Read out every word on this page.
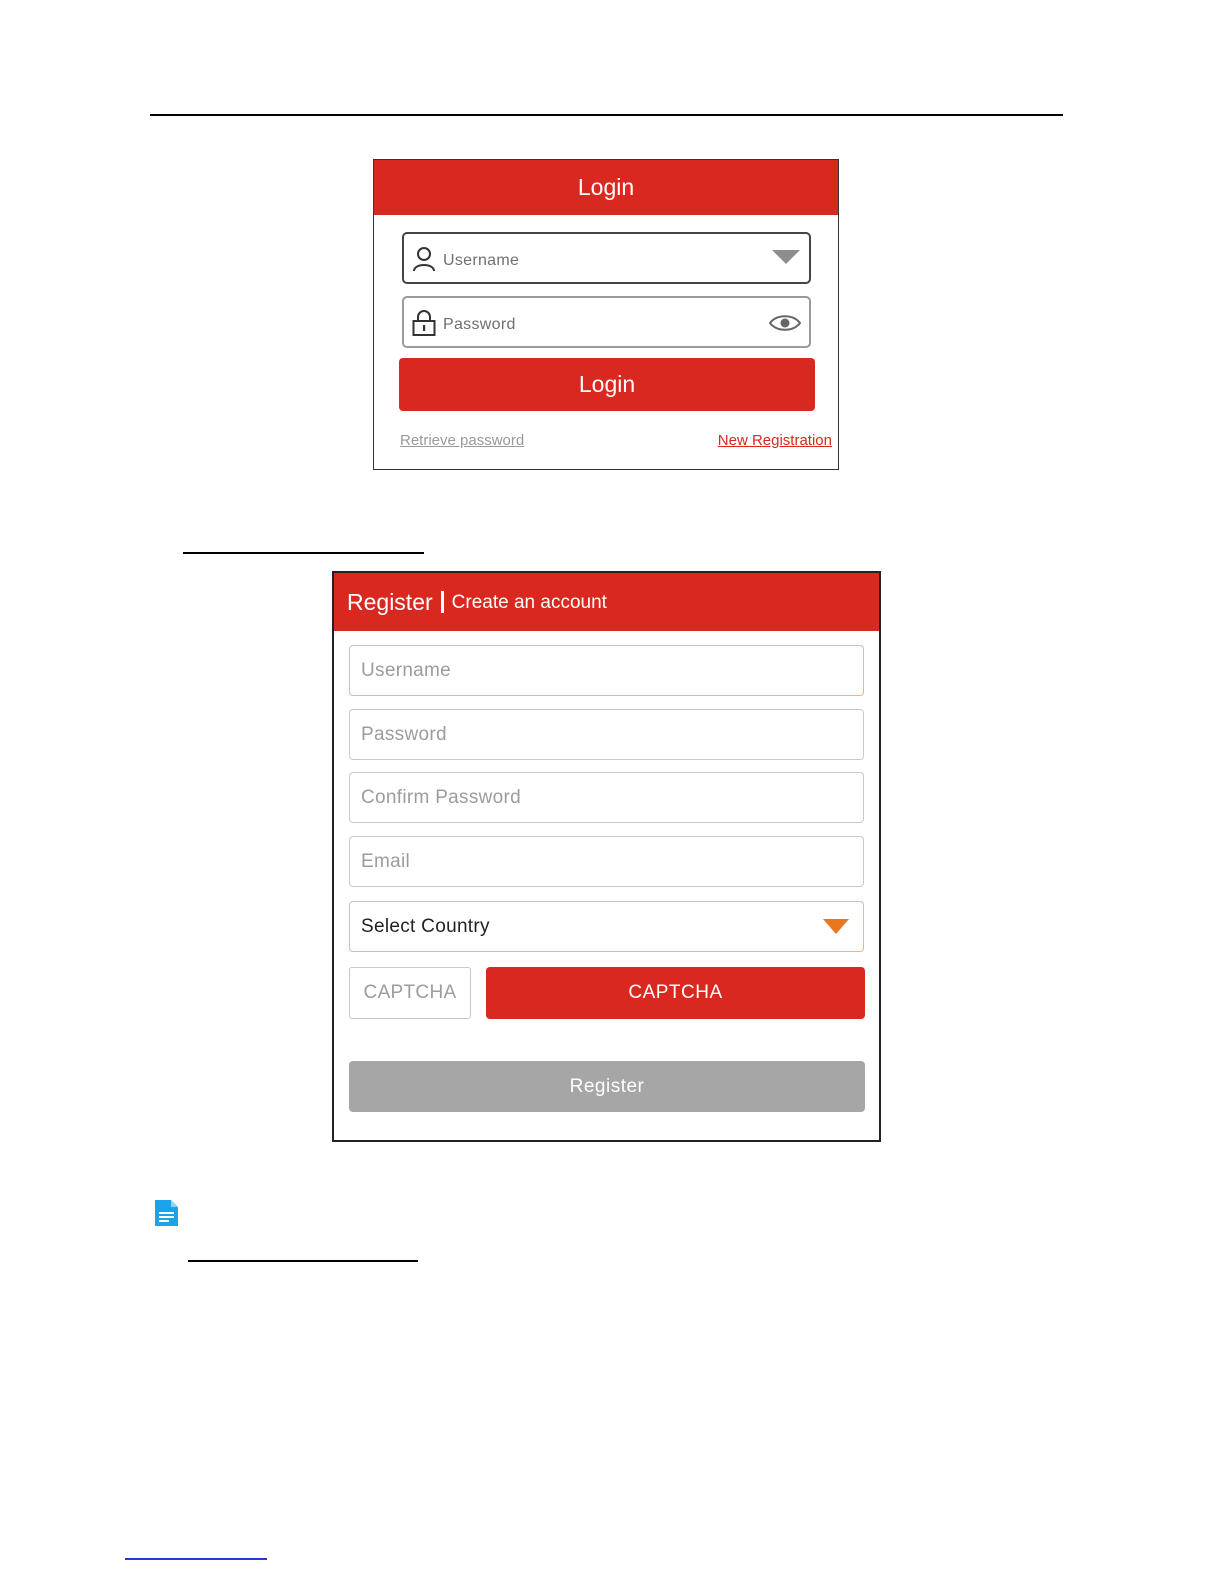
Login
Username
Password
Login
Retrieve password	New Registration
Register Create an account
Username
Password
Confirm Password
Email
Select Country
CAPTCHA	CAPTCHA
Register
